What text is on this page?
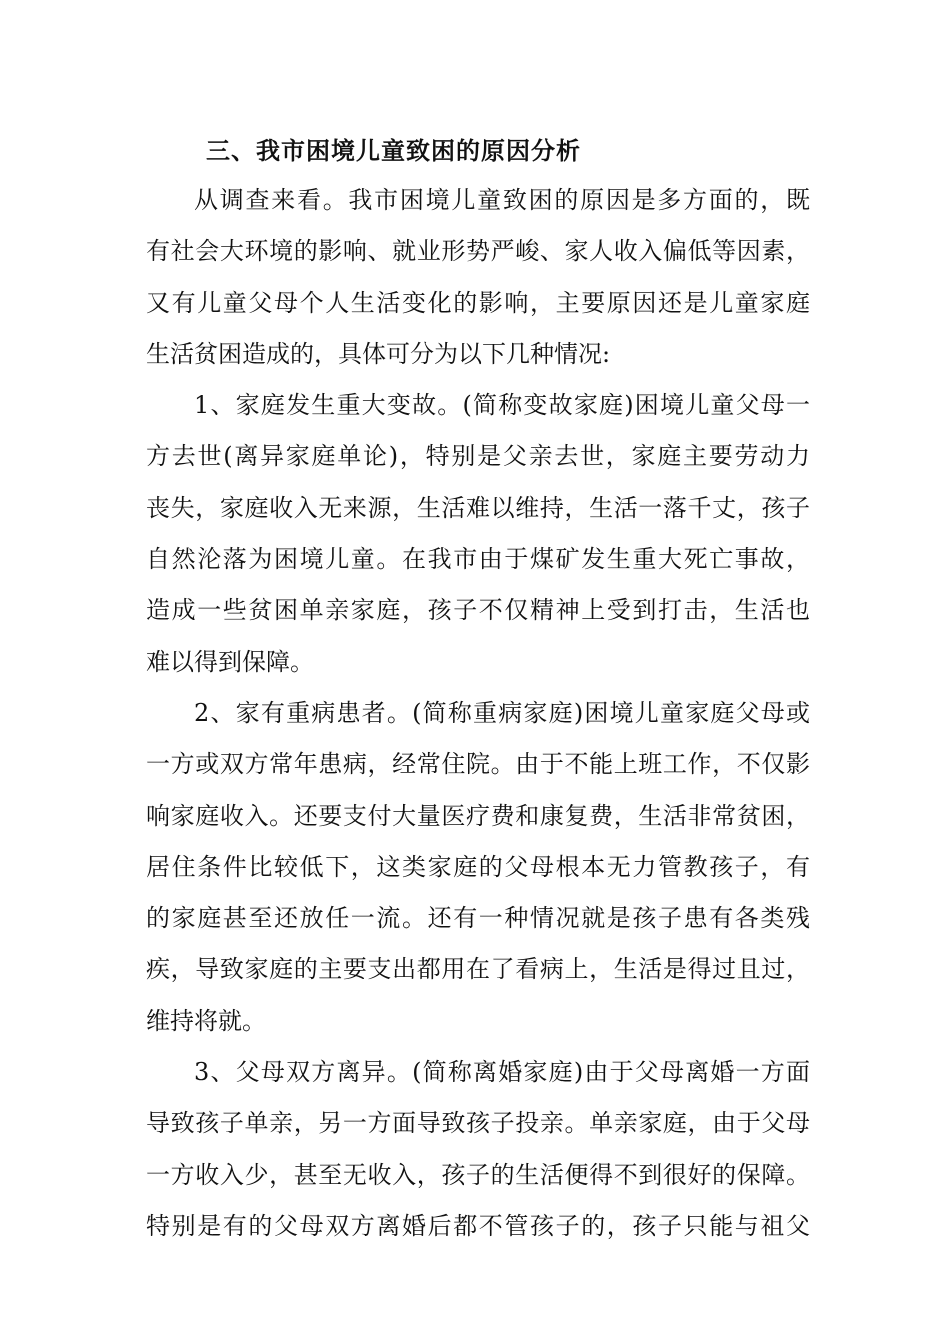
三、我市困境儿童致困的原因分析
从调查来看。我市困境儿童致困的原因是多方面的，既
有社会大环境的影响、就业形势严峻、家人收入偏低等因素，
又有儿童父母个人生活变化的影响，主要原因还是儿童家庭
生活贫困造成的，具体可分为以下几种情况:
1、家庭发生重大变故。(简称变故家庭)困境儿童父母一
方去世(离异家庭单论)，特别是父亲去世，家庭主要劳动力
丧失，家庭收入无来源，生活难以维持，生活一落千丈，孩子
自然沦落为困境儿童。在我市由于煤矿发生重大死亡事故，
造成一些贫困单亲家庭，孩子不仅精神上受到打击，生活也
难以得到保障。
2、家有重病患者。(简称重病家庭)困境儿童家庭父母或
一方或双方常年患病，经常住院。由于不能上班工作，不仅影
响家庭收入。还要支付大量医疗费和康复费，生活非常贫困，
居住条件比较低下，这类家庭的父母根本无力管教孩子，有
的家庭甚至还放任一流。还有一种情况就是孩子患有各类残
疾，导致家庭的主要支出都用在了看病上，生活是得过且过，
维持将就。
3、父母双方离异。(简称离婚家庭)由于父母离婚一方面
导致孩子单亲，另一方面导致孩子投亲。单亲家庭，由于父母
一方收入少，甚至无收入，孩子的生活便得不到很好的保障。
特别是有的父母双方离婚后都不管孩子的，孩子只能与祖父
